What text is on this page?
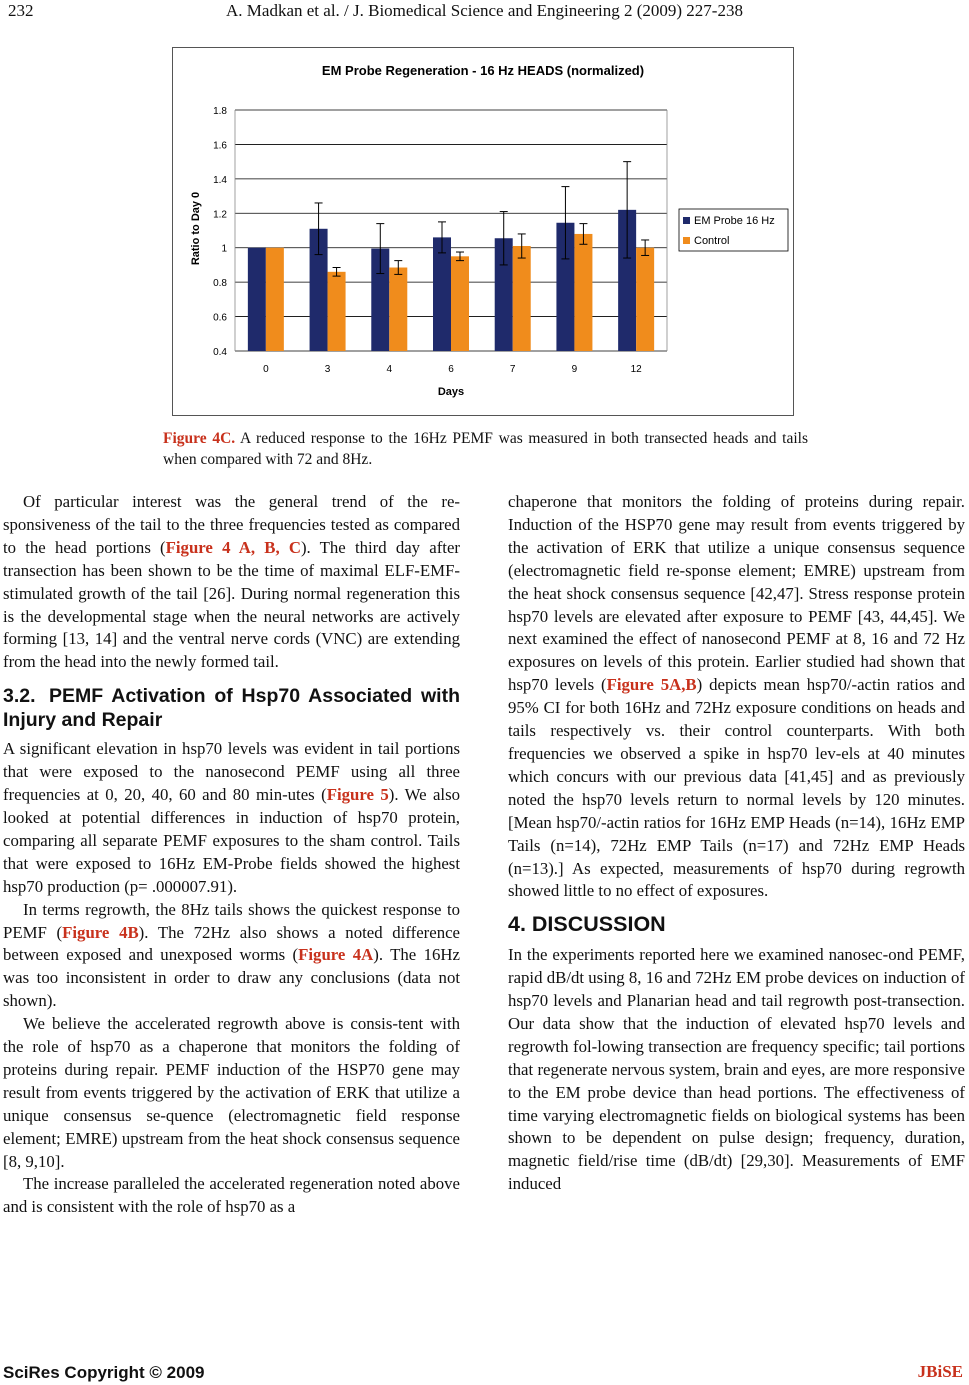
232	A. Madkan et al. / J. Biomedical Science and Engineering 2 (2009) 227-238
EM Probe Regeneration - 16 Hz HEADS (normalized)
0.4
0.6
0.8
1
1.2
1.4
1.6
1.8
0	3	4	6	7	9	12
Days
Ratio to Day 0	EM Probe 16 Hz
Control
Figure 4C. A reduced response to the 16Hz PEMF was measured in both transected heads and tails when compared with 72 and 8Hz.

Of particular interest was the general trend of the re-sponsiveness of the tail to the three frequencies tested as compared to the head portions (Figure 4 A, B, C). The third day after transection has been shown to be the time of maximal ELF-EMF-stimulated growth of the tail [26]. During normal regeneration this is the developmental stage when the neural networks are actively forming [13, 14] and the ventral nerve cords (VNC) are extending from the head into the newly formed tail.

3.2. PEMF Activation of Hsp70 Associated with Injury and Repair

A significant elevation in hsp70 levels was evident in tail portions that were exposed to the nanosecond PEMF using all three frequencies at 0, 20, 40, 60 and 80 min-utes (Figure 5). We also looked at potential differences in induction of hsp70 protein, comparing all separate PEMF exposures to the sham control. Tails that were exposed to 16Hz EM-Probe fields showed the highest hsp70 production (p= .000007.91).

In terms regrowth, the 8Hz tails shows the quickest response to PEMF (Figure 4B). The 72Hz also shows a noted difference between exposed and unexposed worms (Figure 4A). The 16Hz was too inconsistent in order to draw any conclusions (data not shown).

We believe the accelerated regrowth above is consis-tent with the role of hsp70 as a chaperone that monitors the folding of proteins during repair. PEMF induction of the HSP70 gene may result from events triggered by the activation of ERK that utilize a unique consensus se-quence (electromagnetic field response element; EMRE) upstream from the heat shock consensus sequence [8, 9,10].

The increase paralleled the accelerated regeneration noted above and is consistent with the role of hsp70 as a

chaperone that monitors the folding of proteins during repair. Induction of the HSP70 gene may result from events triggered by the activation of ERK that utilize a unique consensus sequence (electromagnetic field re-sponse element; EMRE) upstream from the heat shock consensus sequence [42,47]. Stress response protein hsp70 levels are elevated after exposure to PEMF [43, 44,45]. We next examined the effect of nanosecond PEMF at 8, 16 and 72 Hz exposures on levels of this protein. Earlier studied had shown that hsp70 levels (Figure 5A,B) depicts mean hsp70/-actin ratios and 95% CI for both 16Hz and 72Hz exposure conditions on heads and tails respectively vs. their control counterparts. With both frequencies we observed a spike in hsp70 lev-els at 40 minutes which concurs with our previous data [41,45] and as previously noted the hsp70 levels return to normal levels by 120 minutes. [Mean hsp70/-actin ratios for 16Hz EMP Heads (n=14), 16Hz EMP Tails (n=14), 72Hz EMP Tails (n=17) and 72Hz EMP Heads (n=13).] As expected, measurements of hsp70 during regrowth showed little to no effect of exposures.

4. DISCUSSION

In the experiments reported here we examined nanosec-ond PEMF, rapid dB/dt using 8, 16 and 72Hz EM probe devices on induction of hsp70 levels and Planarian head and tail regrowth post-transection. Our data show that the induction of elevated hsp70 levels and regrowth fol-lowing transection are frequency specific; tail portions that regenerate nervous system, brain and eyes, are more responsive to the EM probe device than head portions. The effectiveness of time varying electromagnetic fields on biological systems has been shown to be dependent on pulse design; frequency, duration, magnetic field/rise time (dB/dt) [29,30]. Measurements of EMF induced

SciRes Copyright © 2009	JBiSE
